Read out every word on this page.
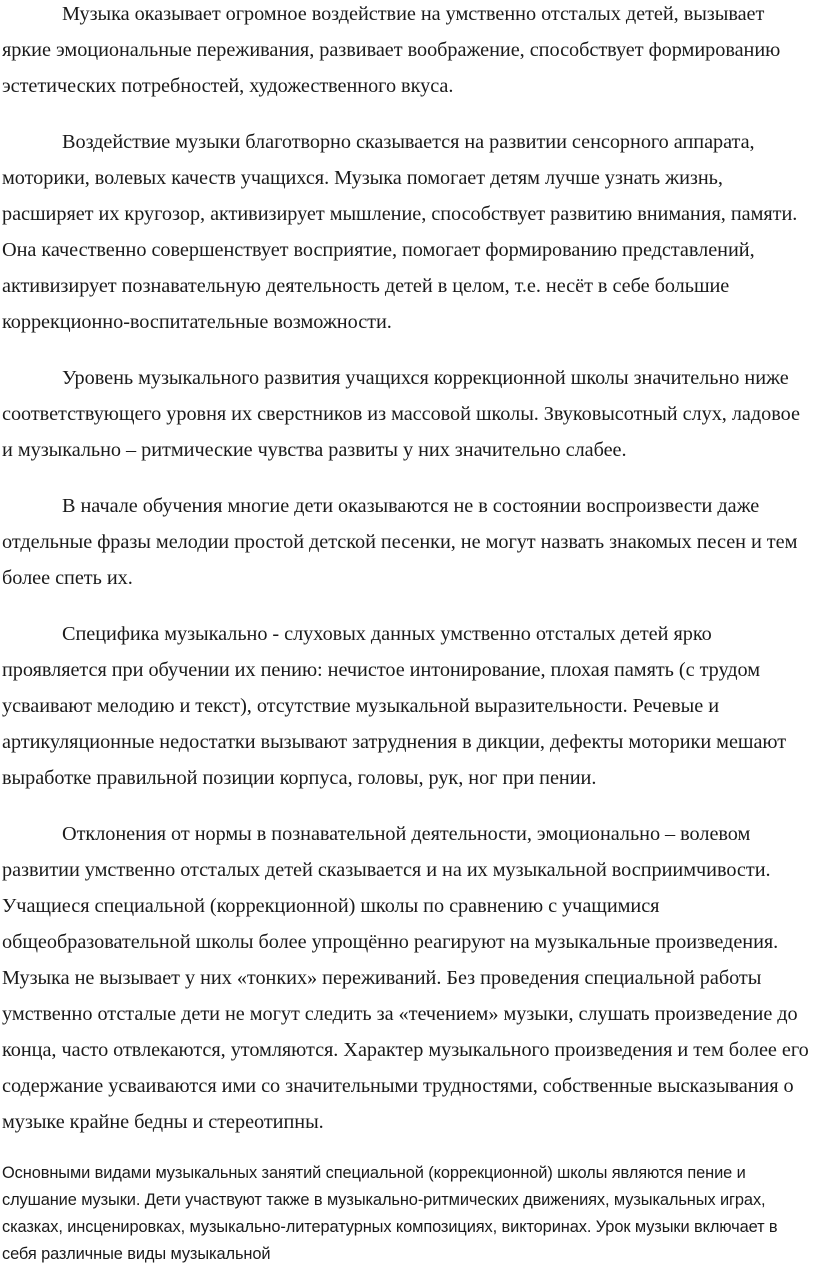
Музыка оказывает огромное воздействие на умственно отсталых детей, вызывает яркие эмоциональные переживания, развивает воображение, способствует формированию эстетических потребностей, художественного вкуса.

Воздействие музыки благотворно сказывается на развитии сенсорного аппарата, моторики, волевых качеств учащихся. Музыка помогает детям лучше узнать жизнь, расширяет их кругозор, активизирует мышление, способствует развитию внимания, памяти. Она качественно совершенствует восприятие, помогает формированию представлений, активизирует познавательную деятельность детей в целом, т.е. несёт в себе большие коррекционно-воспитательные возможности.

Уровень музыкального развития учащихся коррекционной школы значительно ниже соответствующего уровня их сверстников из массовой школы. Звуковысотный слух, ладовое и музыкально – ритмические чувства развиты у них значительно слабее.

В начале обучения многие дети оказываются не в состоянии воспроизвести даже отдельные фразы мелодии простой детской песенки, не могут назвать знакомых песен и тем более спеть их.

Специфика музыкально - слуховых данных умственно отсталых детей ярко проявляется при обучении их пению: нечистое интонирование, плохая память (с трудом усваивают мелодию и текст), отсутствие музыкальной выразительности. Речевые и артикуляционные недостатки вызывают затруднения в дикции, дефекты моторики мешают выработке правильной позиции корпуса, головы, рук, ног при пении.

Отклонения от нормы в познавательной деятельности, эмоционально – волевом развитии умственно отсталых детей сказывается и на их музыкальной восприимчивости. Учащиеся специальной (коррекционной) школы по сравнению с учащимися общеобразовательной школы более упрощённо реагируют на музыкальные произведения. Музыка не вызывает у них «тонких» переживаний. Без проведения специальной работы умственно отсталые дети не могут следить за «течением» музыки, слушать произведение до конца, часто отвлекаются, утомляются. Характер музыкального произведения и тем более его содержание усваиваются ими со значительными трудностями, собственные высказывания о музыке крайне бедны и стереотипны.

Основными видами музыкальных занятий специальной (коррекционной) школы являются пение и слушание музыки. Дети участвуют также в музыкально-ритмических движениях, музыкальных играх, сказках, инсценировках, музыкально-литературных композициях, викторинах. Урок музыки включает в себя различные виды музыкальной
